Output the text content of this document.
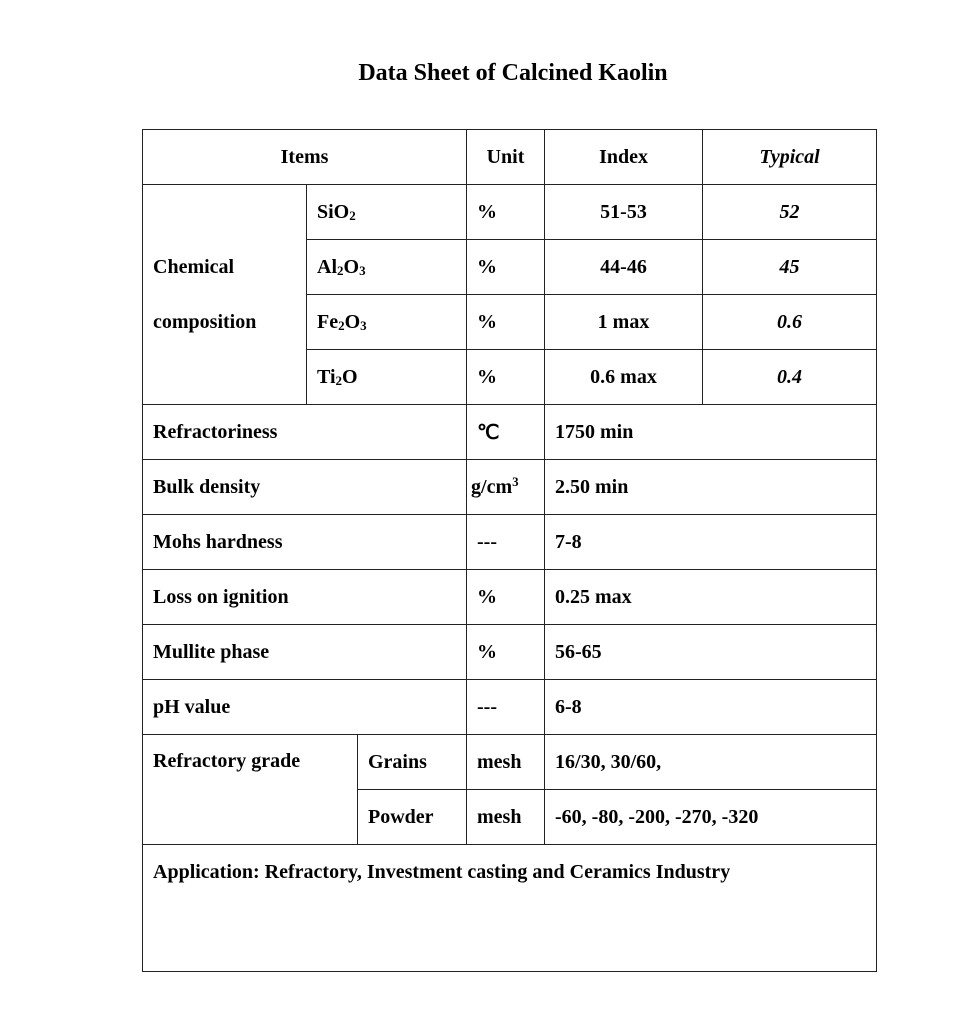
Data Sheet of Calcined Kaolin
Items			Unit	Index	Typical
Chemical
composition	SiO$_2$		%	51-53	52
	$Al_2O_3$		%	44-46	45
	$Fe_2O_3$		%	1 max	0.6
	$Ti_2O$		%	0.6 max	0.4
Refractoriness			℃	1750 min	
Bulk density			$g/cm^3$	2.50 min	
Mohs hardness			---	7-8	
Loss on ignition			%	0.25 max	
Mullite phase			%	56-65	
pH value			---	6-8	
Refractory grade		Grains	mesh	16/30, 30/60,	
		Powder	mesh	-60, -80, -200, -270, -320	
Application: Refractory, Investment casting and Ceramics Industry					
